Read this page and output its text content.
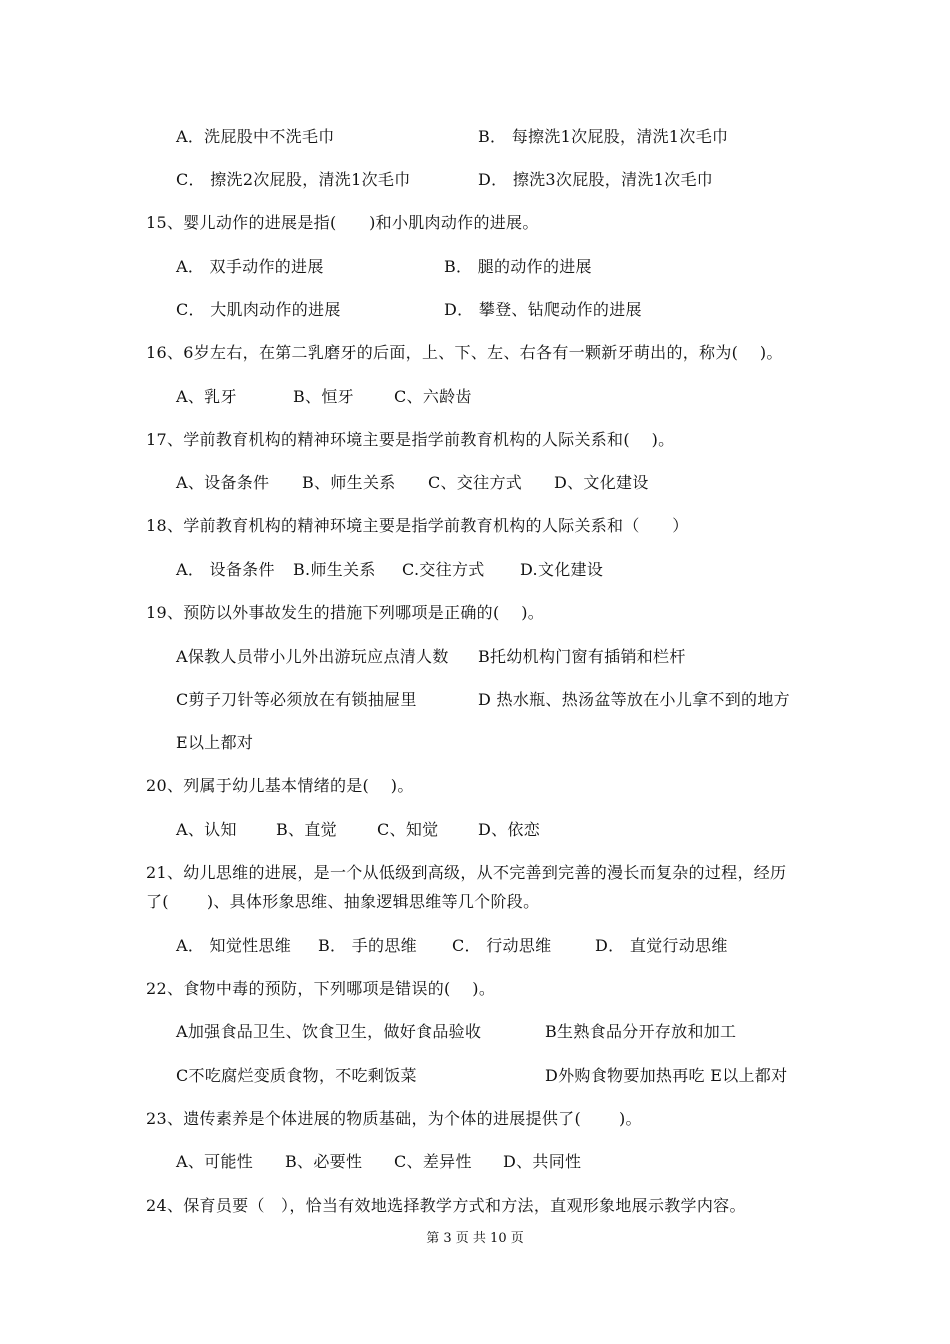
A．洗屁股中不洗毛巾	B． 每擦洗1次屁股，清洗1次毛巾
C． 擦洗2次屁股，清洗1次毛巾	D． 擦洗3次屁股，清洗1次毛巾
15、婴儿动作的进展是指(　　)和小肌肉动作的进展。
A． 双手动作的进展	B． 腿的动作的进展
C． 大肌肉动作的进展	D． 攀登、钻爬动作的进展
16、6岁左右，在第二乳磨牙的后面，上、下、左、右各有一颗新牙萌出的，称为(　 )。
A、乳牙	B、恒牙	C、六龄齿
17、学前教育机构的精神环境主要是指学前教育机构的人际关系和(　 )。
A、设备条件 B、师生关系 C、交往方式 D、文化建设
18、学前教育机构的精神环境主要是指学前教育机构的人际关系和（　　）
A． 设备条件 B.师生关系 C.交往方式 D.文化建设
19、预防以外事故发生的措施下列哪项是正确的(　 )。
A保教人员带小儿外出游玩应点清人数 B托幼机构门窗有插销和栏杆
C剪子刀针等必须放在有锁抽屉里	D 热水瓶、热汤盆等放在小儿拿不到的地方
E以上都对
20、列属于幼儿基本情绪的是(　 )。
A、认知 B、直觉	C、知觉 D、依恋
21、幼儿思维的进展，是一个从低级到高级，从不完善到完善的漫长而复杂的过程，经历
了(　　 )、具体形象思维、抽象逻辑思维等几个阶段。
A． 知觉性思维 B． 手的思维 C． 行动思维	D． 直觉行动思维
22、食物中毒的预防，下列哪项是错误的(　 )。
A加强食品卫生、饮食卫生，做好食品验收	B生熟食品分开存放和加工
C不吃腐烂变质食物，不吃剩饭菜	D外购食物要加热再吃 E以上都对
23、遗传素养是个体进展的物质基础，为个体的进展提供了(　　 )。
A、可能性 B、必要性 C、差异性 D、共同性
24、保育员要（　），恰当有效地选择教学方式和方法，直观形象地展示教学内容。
第 3 页 共 10 页
